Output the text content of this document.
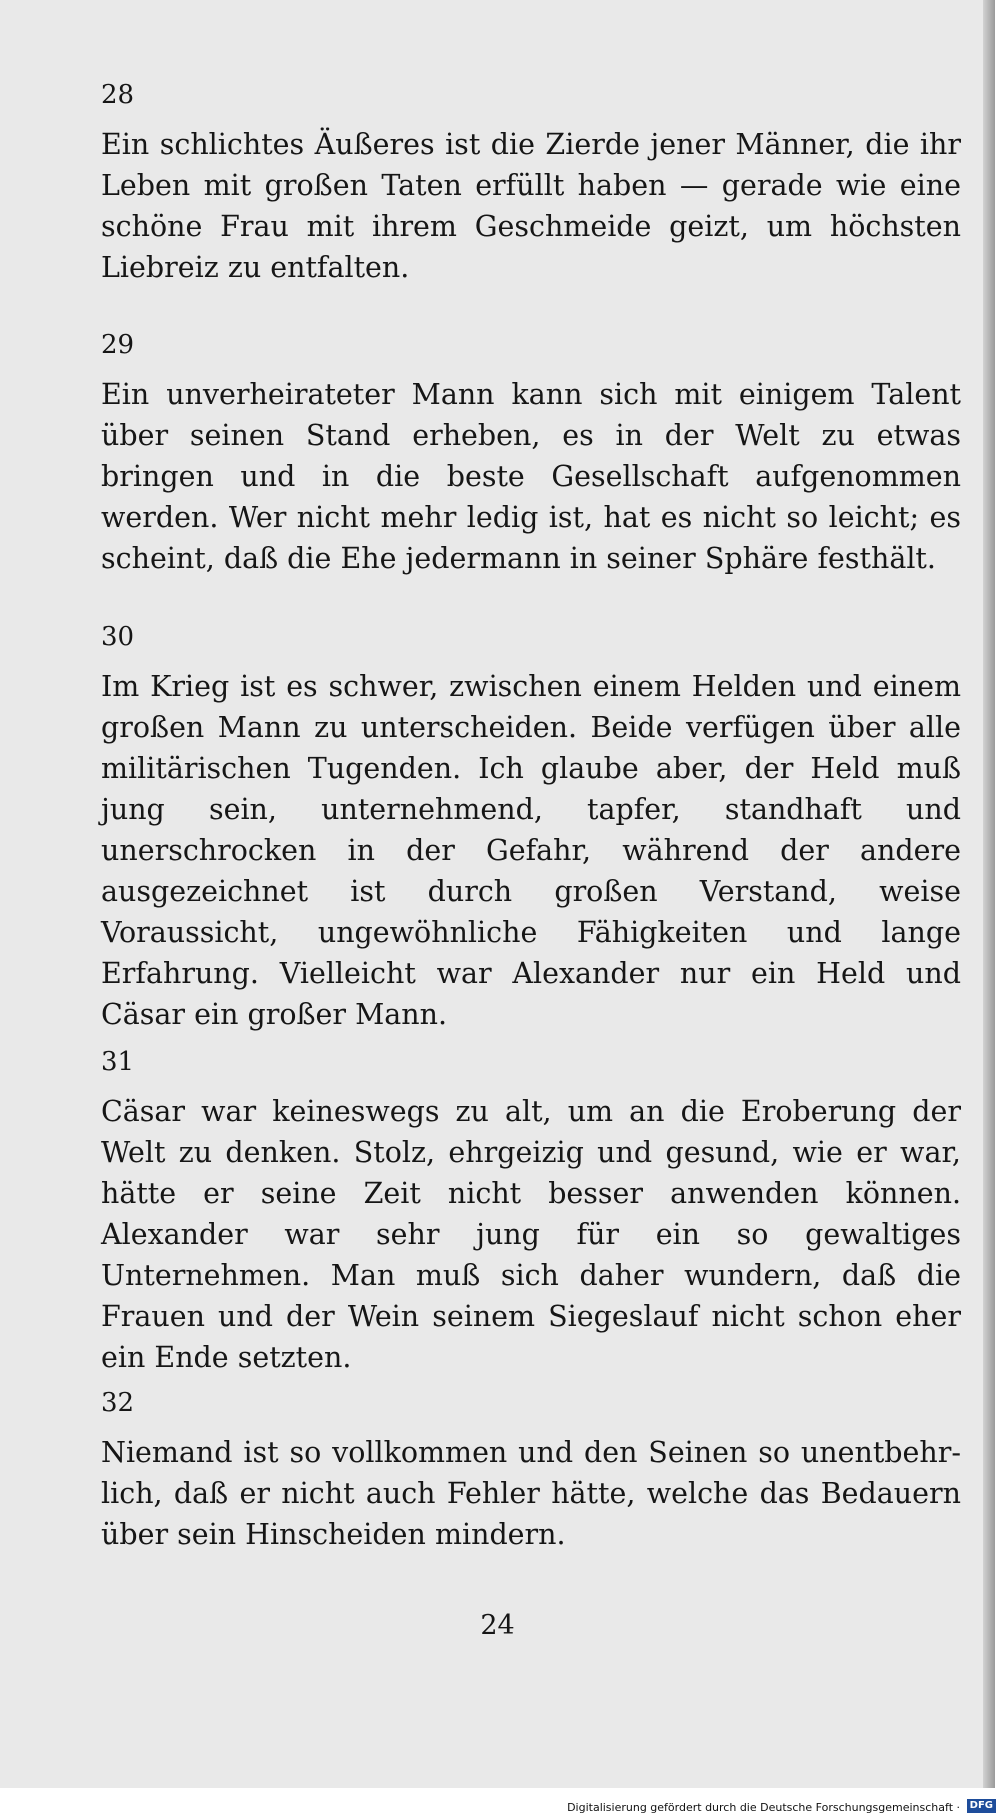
28
Ein schlichtes Äußeres ist die Zierde jener Männer, die ihr Leben mit großen Taten erfüllt haben — gerade wie eine schöne Frau mit ihrem Geschmeide geizt, um höchsten Liebreiz zu entfalten.
29
Ein unverheirateter Mann kann sich mit einigem Talent über seinen Stand erheben, es in der Welt zu etwas bringen und in die beste Gesellschaft aufgenommen werden. Wer nicht mehr ledig ist, hat es nicht so leicht; es scheint, daß die Ehe jedermann in seiner Sphäre festhält.
30
Im Krieg ist es schwer, zwischen einem Helden und einem großen Mann zu unterscheiden. Beide verfügen über alle militärischen Tugenden. Ich glaube aber, der Held muß jung sein, unternehmend, tapfer, standhaft und unerschrocken in der Gefahr, während der andere ausgezeichnet ist durch großen Verstand, weise Voraussicht, ungewöhnliche Fähigkeiten und lange Erfahrung. Vielleicht war Alexander nur ein Held und Cäsar ein großer Mann.
31
Cäsar war keineswegs zu alt, um an die Eroberung der Welt zu denken. Stolz, ehrgeizig und gesund, wie er war, hätte er seine Zeit nicht besser anwenden können. Alexander war sehr jung für ein so gewaltiges Unternehmen. Man muß sich daher wundern, daß die Frauen und der Wein seinem Siegeslauf nicht schon eher ein Ende setzten.
32
Niemand ist so vollkommen und den Seinen so unentbehrlich, daß er nicht auch Fehler hätte, welche das Bedauern über sein Hinscheiden mindern.
24
Digitalisierung gefördert durch die Deutsche Forschungsgemeinschaft · DFG
